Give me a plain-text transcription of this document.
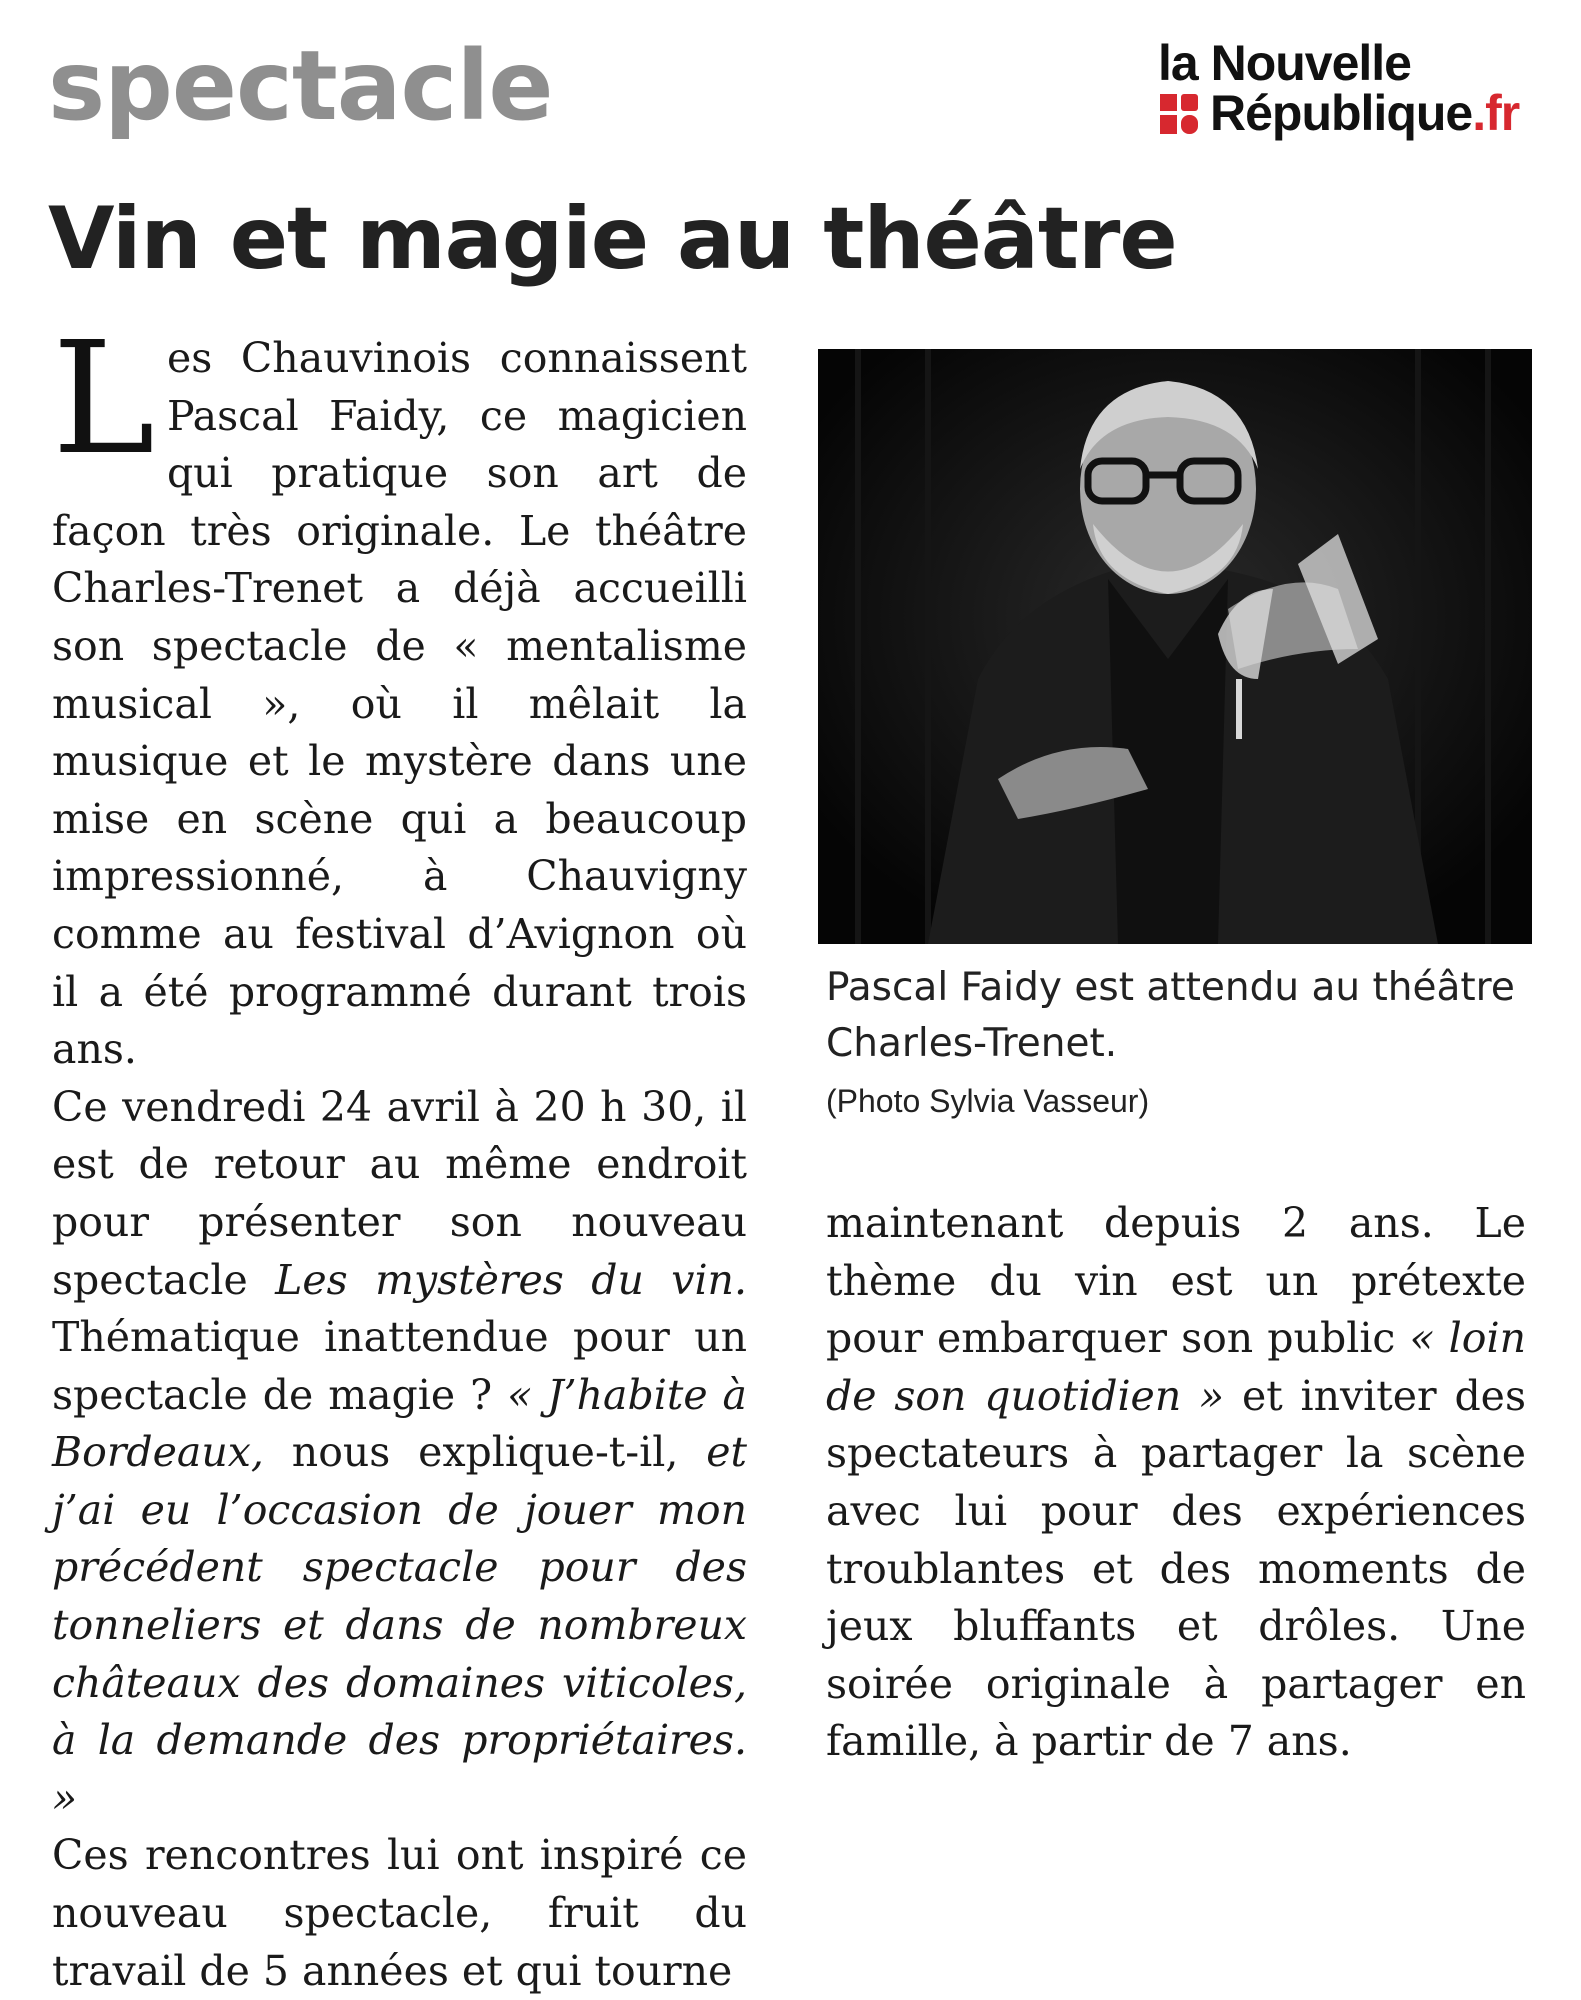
spectacle	la Nouvelle
République.fr
Vin et magie au théâtre

Les Chauvinois connaissent Pascal Faidy, ce magicien qui pratique son art de façon très originale. Le théâtre Charles-Trenet a déjà accueilli son spectacle de « mentalisme musical », où il mêlait la musique et le mystère dans une mise en scène qui a beaucoup impressionné, à Chauvigny comme au festival d’Avignon où il a été programmé durant trois ans.

Ce vendredi 24 avril à 20 h 30, il est de retour au même endroit pour présenter son nouveau spectacle Les mystères du vin. Thématique inattendue pour un spectacle de magie ? « J’habite à Bordeaux, nous explique-t-il, et j’ai eu l’occasion de jouer mon précédent spectacle pour des tonneliers et dans de nombreux châteaux des domaines viticoles, à la demande des propriétaires. »

Ces rencontres lui ont inspiré ce nouveau spectacle, fruit du travail de 5 années et qui tourne

Pascal Faidy est attendu au théâtre Charles-Trenet.
(Photo Sylvia Vasseur)

maintenant depuis 2 ans. Le thème du vin est un prétexte pour embarquer son public « loin de son quotidien » et inviter des spectateurs à partager la scène avec lui pour des expériences troublantes et des moments de jeux bluffants et drôles. Une soirée originale à partager en famille, à partir de 7 ans.
